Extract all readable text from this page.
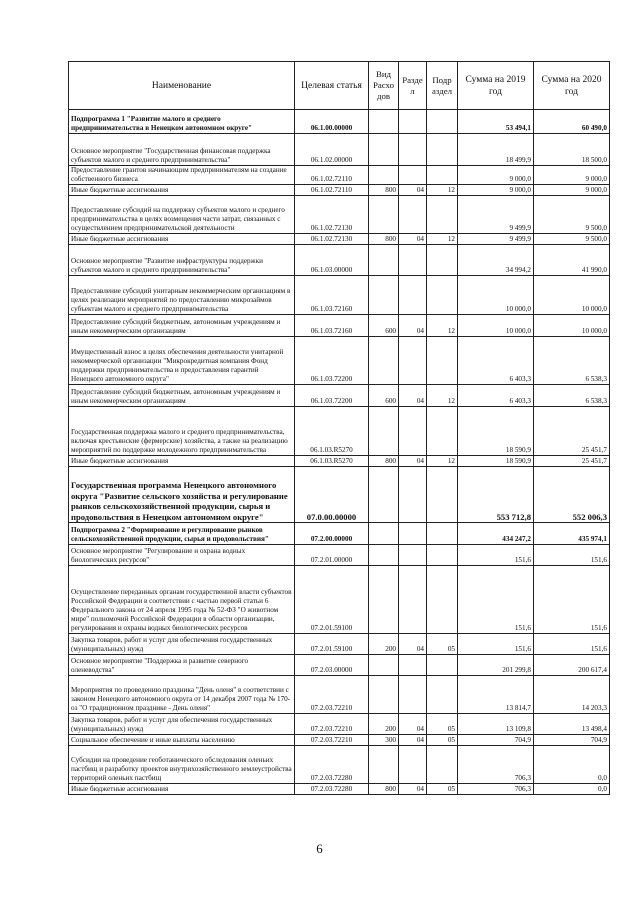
Наименование	Целевая статья	Вид Расхо дов	Разде л	Подр аздел	Сумма на 2019 год	Сумма на 2020 год
Подпрограмма 1 "Развитие малого и среднего предпринимательства в Ненецком автономном округе"	06.1.00.00000				53 494,1	60 490,0
Основное мероприятие "Государственная финансовая поддержка субъектов малого и среднего предпринимательства"	06.1.02.00000				18 499,9	18 500,0
Предоставление грантов начинающим предпринимателям на создание собственного бизнеса	06.1.02.72110				9 000,0	9 000,0
Иные бюджетные ассигнования	06.1.02.72110	800	04	12	9 000,0	9 000,0
Предоставление субсидий на поддержку субъектов малого и среднего предпринимательства в целях возмещения части затрат, связанных с осуществлением предпринимательской деятельности	06.1.02.72130				9 499,9	9 500,0
Иные бюджетные ассигнования	06.1.02.72130	800	04	12	9 499,9	9 500,0
Основное мероприятие "Развитие инфраструктуры поддержки субъектов малого и среднего предпринимательства"	06.1.03.00000				34 994,2	41 990,0
Предоставление субсидий унитарным некоммерческим организациям в целях реализации мероприятий по предоставлению микрозаймов субъектам малого и среднего предпринимательства	06.1.03.72160				10 000,0	10 000,0
Предоставление субсидий бюджетным, автономным учреждениям и иным некоммерческим организациям	06.1.03.72160	600	04	12	10 000,0	10 000,0
Имущественный взнос в целях обеспечения деятельности унитарной некоммерческой организации "Микрокредитная компания Фонд поддержки предпринимательства и предоставления гарантий Ненецкого автономного округа"	06.1.03.72200				6 403,3	6 538,3
Предоставление субсидий бюджетным, автономным учреждениям и иным некоммерческим организациям	06.1.03.72200	600	04	12	6 403,3	6 538,3
Государственная поддержка малого и среднего предпринимательства, включая крестьянские (фермерские) хозяйства, а также на реализацию мероприятий по поддержке молодежного предпринимательства	06.1.03.R5270				18 590,9	25 451,7
Иные бюджетные ассигнования	06.1.03.R5270	800	04	12	18 590,9	25 451,7
Государственная программа Ненецкого автономного округа "Развитие сельского хозяйства и регулирование рынков сельскохозяйственной продукции, сырья и продовольствия в Ненецком автономном округе"	07.0.00.00000				553 712,8	552 006,3
Подпрограмма 2 "Формирование и регулирование рынков сельскохозяйственной продукции, сырья и продовольствия"	07.2.00.00000				434 247,2	435 974,1
Основное мероприятие "Регулирование и охрана водных биологических ресурсов"	07.2.01.00000				151,6	151,6
Осуществление переданных органам государственной власти субъектов Российской Федерации в соответствии с частью первой статьи 6 Федерального закона от 24 апреля 1995 года № 52-ФЗ "О животном мире" полномочий Российской Федерации в области организации, регулирования и охраны водных биологических ресурсов	07.2.01.59100				151,6	151,6
Закупка товаров, работ и услуг для обеспечения государственных (муниципальных) нужд	07.2.01.59100	200	04	05	151,6	151,6
Основное мероприятие "Поддержка и развитие северного оленеводства"	07.2.03.00000				201 299,8	200 617,4
Мероприятия по проведению праздника "День оленя" в соответствии с законом Ненецкого автономного округа от 14 декабря 2007 года № 170-оз "О традиционном празднике - День оленя"	07.2.03.72210				13 814,7	14 203,3
Закупка товаров, работ и услуг для обеспечения государственных (муниципальных) нужд	07.2.03.72210	200	04	05	13 109,8	13 498,4
Социальное обеспечение и иные выплаты населению	07.2.03.72210	300	04	05	704,9	704,9
Субсидии на проведение геоботанического обследования оленьих пастбищ и разработку проектов внутрихозяйственного землеустройства территорий оленьих пастбищ	07.2.03.72280				706,3	0,0
Иные бюджетные ассигнования	07.2.03.72280	800	04	05	706,3	0,0
6
